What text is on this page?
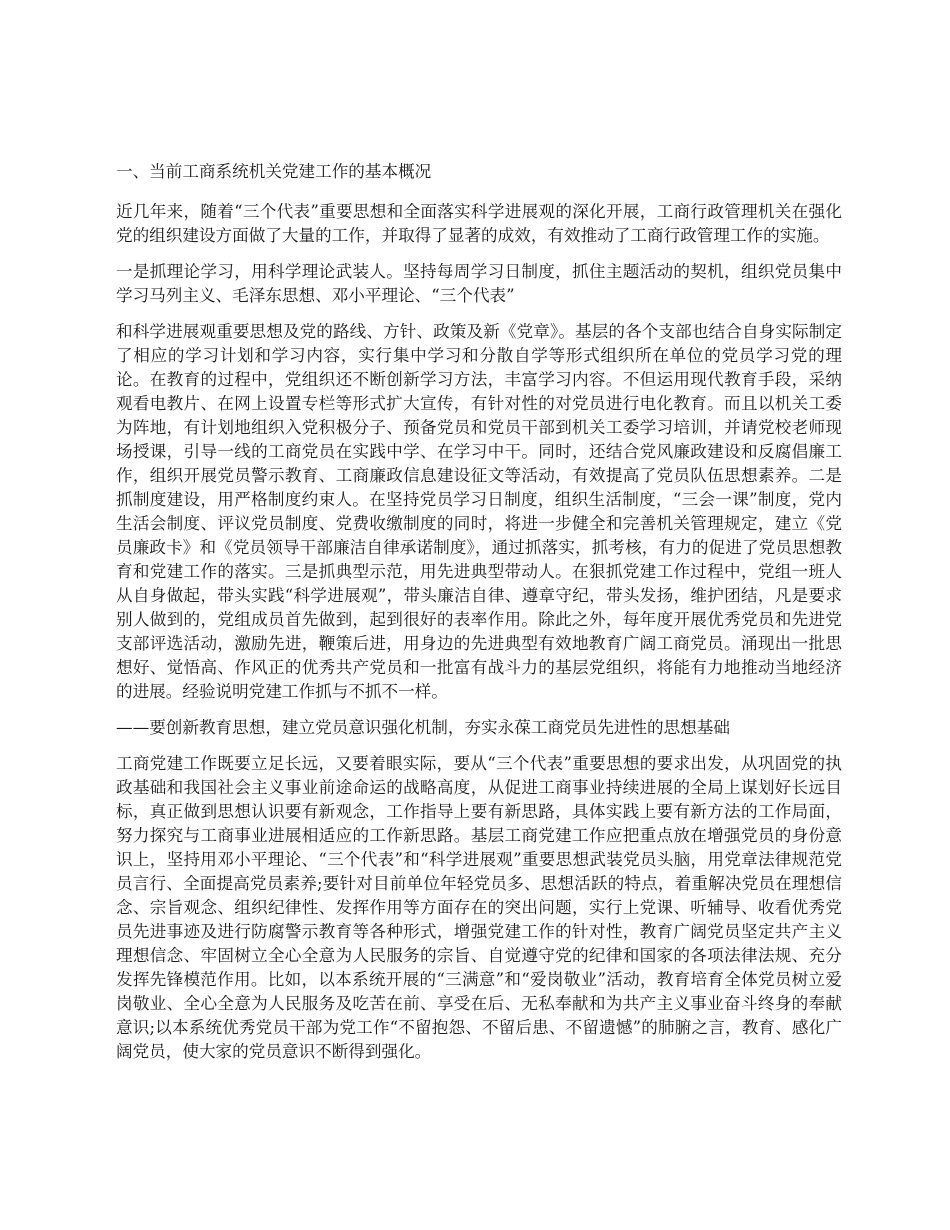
一、当前工商系统机关党建工作的基本概况

近几年来，随着“三个代表”重要思想和全面落实科学进展观的深化开展，工商行政管理机关在强化党的组织建设方面做了大量的工作，并取得了显著的成效，有效推动了工商行政管理工作的实施。

一是抓理论学习，用科学理论武装人。坚持每周学习日制度，抓住主题活动的契机，组织党员集中学习马列主义、毛泽东思想、邓小平理论、“三个代表”

和科学进展观重要思想及党的路线、方针、政策及新《党章》。基层的各个支部也结合自身实际制定了相应的学习计划和学习内容，实行集中学习和分散自学等形式组织所在单位的党员学习党的理论。在教育的过程中，党组织还不断创新学习方法，丰富学习内容。不但运用现代教育手段，采纳观看电教片、在网上设置专栏等形式扩大宣传，有针对性的对党员进行电化教育。而且以机关工委为阵地，有计划地组织入党积极分子、预备党员和党员干部到机关工委学习培训，并请党校老师现场授课，引导一线的工商党员在实践中学、在学习中干。同时，还结合党风廉政建设和反腐倡廉工作，组织开展党员警示教育、工商廉政信息建设征文等活动，有效提高了党员队伍思想素养。二是抓制度建设，用严格制度约束人。在坚持党员学习日制度，组织生活制度，“三会一课”制度，党内生活会制度、评议党员制度、党费收缴制度的同时，将进一步健全和完善机关管理规定，建立《党员廉政卡》和《党员领导干部廉洁自律承诺制度》，通过抓落实，抓考核，有力的促进了党员思想教育和党建工作的落实。三是抓典型示范，用先进典型带动人。在狠抓党建工作过程中，党组一班人从自身做起，带头实践“科学进展观”，带头廉洁自律、遵章守纪，带头发扬，维护团结，凡是要求别人做到的，党组成员首先做到，起到很好的表率作用。除此之外，每年度开展优秀党员和先进党支部评选活动，激励先进，鞭策后进，用身边的先进典型有效地教育广阔工商党员。涌现出一批思想好、觉悟高、作风正的优秀共产党员和一批富有战斗力的基层党组织，将能有力地推动当地经济的进展。经验说明党建工作抓与不抓不一样。

——要创新教育思想，建立党员意识强化机制，夯实永葆工商党员先进性的思想基础

工商党建工作既要立足长远，又要着眼实际，要从“三个代表”重要思想的要求出发，从巩固党的执政基础和我国社会主义事业前途命运的战略高度，从促进工商事业持续进展的全局上谋划好长远目标，真正做到思想认识要有新观念，工作指导上要有新思路，具体实践上要有新方法的工作局面，努力探究与工商事业进展相适应的工作新思路。基层工商党建工作应把重点放在增强党员的身份意识上，坚持用邓小平理论、“三个代表”和“科学进展观”重要思想武装党员头脑，用党章法律规范党员言行、全面提高党员素养;要针对目前单位年轻党员多、思想活跃的特点，着重解决党员在理想信念、宗旨观念、组织纪律性、发挥作用等方面存在的突出问题，实行上党课、听辅导、收看优秀党员先进事迹及进行防腐警示教育等各种形式，增强党建工作的针对性，教育广阔党员坚定共产主义理想信念、牢固树立全心全意为人民服务的宗旨、自觉遵守党的纪律和国家的各项法律法规、充分发挥先锋模范作用。比如，以本系统开展的“三满意”和“爱岗敬业”活动，教育培育全体党员树立爱岗敬业、全心全意为人民服务及吃苦在前、享受在后、无私奉献和为共产主义事业奋斗终身的奉献意识;以本系统优秀党员干部为党工作“不留抱怨、不留后患、不留遗憾”的肺腑之言，教育、感化广阔党员，使大家的党员意识不断得到强化。
